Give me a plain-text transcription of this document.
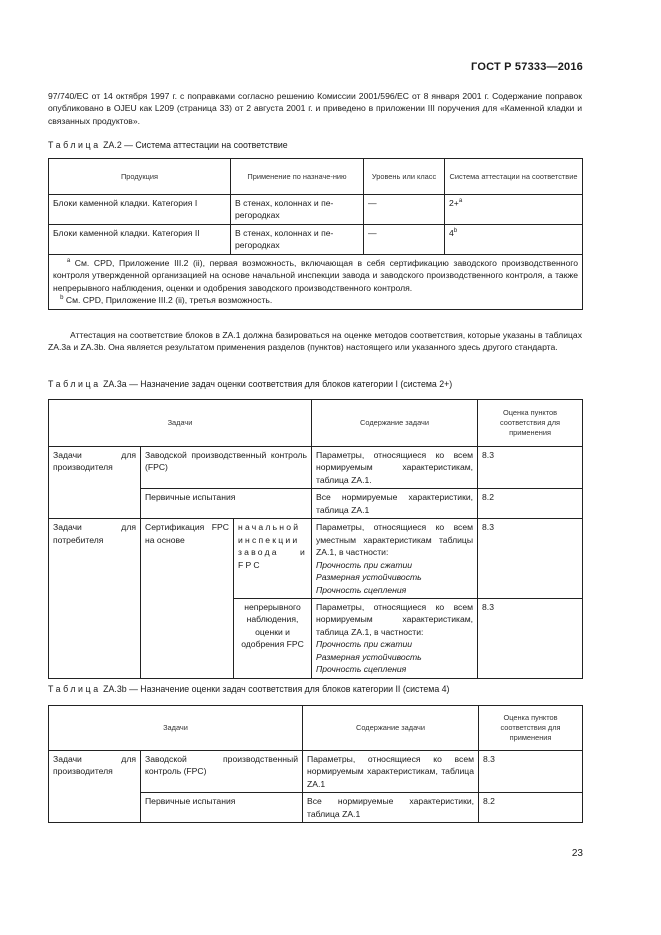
ГОСТ Р 57333—2016
97/740/ЕС от 14 октября 1997 г. с поправками согласно решению Комиссии 2001/596/ЕС от 8 января 2001 г. Содержание поправок опубликовано в OJEU как L209 (страница 33) от 2 августа 2001 г. и приведено в приложении III поручения для «Каменной кладки и связанных продуктов».
Таблица ZA.2 — Система аттестации на соответствие
Продукция	Применение по назначе-нию	Уровень или класс	Система аттестации на соответствие
Блоки каменной кладки. Категория I	В стенах, колоннах и пе-регородках	—	2+$^a$
Блоки каменной кладки. Категория II	В стенах, колоннах и пе-регородках	—	4$^b$

$^a$ См. CPD, Приложение III.2 (ii), первая возможность, включающая в себя сертификацию заводского производственного контроля утвержденной организацией на основе начальной инспекции завода и заводского производственного контроля, а также непрерывного наблюдения, оценки и одобрения заводского производственного контроля.

$^b$ См. CPD, Приложение III.2 (ii), третья возможность.			

Аттестация на соответствие блоков в ZA.1 должна базироваться на оценке методов соответствия, которые указаны в таблицах ZA.3a и ZA.3b. Она является результатом применения разделов (пунктов) настоящего или указанного здесь другого стандарта.
Таблица ZA.3a — Назначение задач оценки соответствия для блоков категории I (система 2+)
Задачи			Содержание задачи	Оценка пунктов соответствия для применения
Задачи для производителя	Заводской производственный контроль (FPC)		Параметры, относящиеся ко всем нормируемым характеристикам, таблица ZA.1.	8.3
	Первичные испытания		Все нормируемые характеристики, таблица ZA.1	8.2
Задачи для потребителя	Сертификация FPC на основе	начальной инспекции завода и FPC	Параметры, относящиеся ко всем уместным характеристикам таблицы ZA.1, в частности:
Прочность при сжатии
Размерная устойчивость
Прочность сцепления	8.3
		непрерывного наблюдения, оценки и одобрения FPC	Параметры, относящиеся ко всем нормируемым характеристикам, таблица ZA.1, в частности:
Прочность при сжатии
Размерная устойчивость
Прочность сцепления	8.3
Таблица ZA.3b — Назначение оценки задач соответствия для блоков категории II (система 4)
Задачи		Содержание задачи	Оценка пунктов соответствия для применения
Задачи для производителя	Заводской производственный контроль (FPC)	Параметры, относящиеся ко всем нормируемым характеристикам, таблица ZA.1	8.3
	Первичные испытания	Все нормируемые характеристики, таблица ZA.1	8.2
23
